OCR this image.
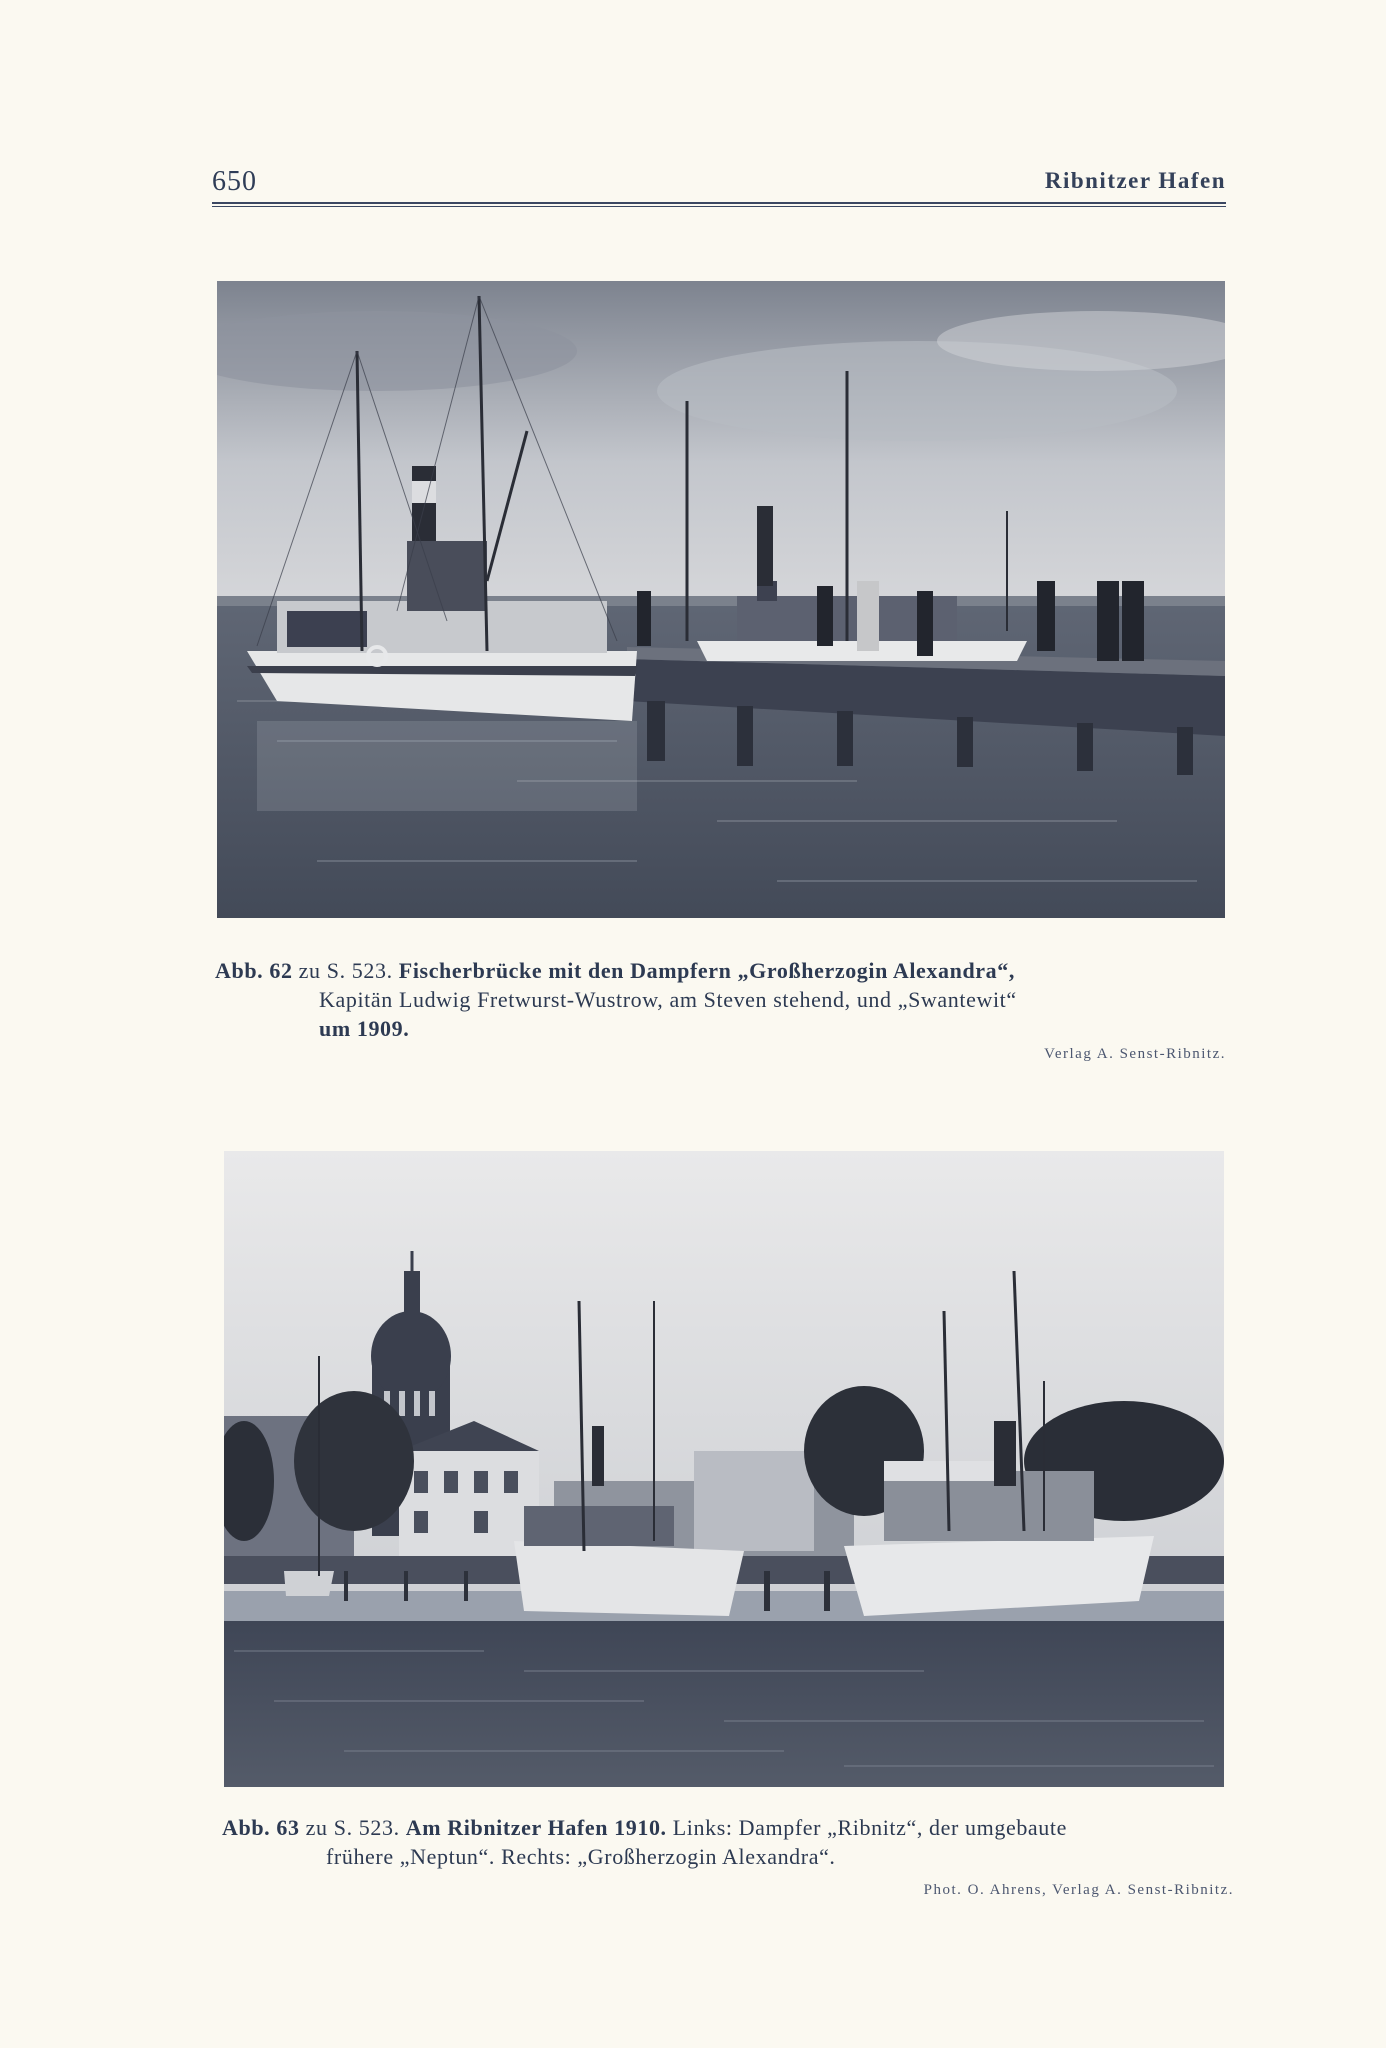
650	Ribnitzer Hafen
Abb. 62 zu S. 523. Fischerbrücke mit den Dampfern „Großherzogin Alexandra“,
Kapitän Ludwig Fretwurst-Wustrow, am Steven stehend, und „Swantewit“
um 1909.
Verlag A. Senst-Ribnitz.
Abb. 63 zu S. 523. Am Ribnitzer Hafen 1910. Links: Dampfer „Ribnitz“, der umgebaute
frühere „Neptun“. Rechts: „Großherzogin Alexandra“.
Phot. O. Ahrens, Verlag A. Senst-Ribnitz.
